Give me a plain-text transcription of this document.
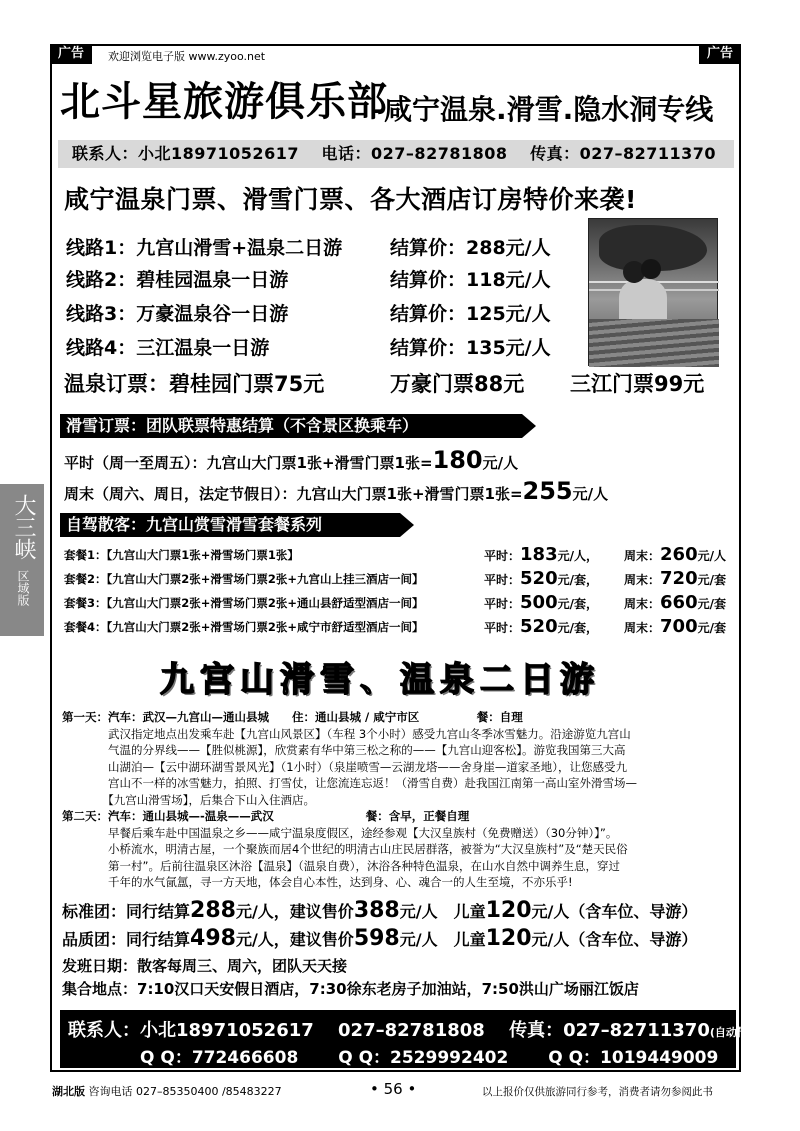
广告	广告
欢迎浏览电子版 www.zyoo.net
北斗星旅游俱乐部
–咸宁温泉.滑雪.隐水洞专线
联系人：小北18971052617　 电话：027–82781808　 传真：027–82711370
咸宁温泉门票、滑雪门票、各大酒店订房特价来袭!
线路1：九宫山滑雪+温泉二日游	结算价：288元/人
线路2：碧桂园温泉一日游	结算价：118元/人
线路3：万豪温泉谷一日游	结算价：125元/人
线路4：三江温泉一日游	结算价：135元/人
温泉订票：碧桂园门票75元	万豪门票88元 三江门票99元
滑雪订票：团队联票特惠结算（不含景区换乘车）
平时（周一至周五）：九宫山大门票1张+滑雪门票1张=180元/人
周末（周六、周日，法定节假日）：九宫山大门票1张+滑雪门票1张=255元/人
自驾散客：九宫山赏雪滑雪套餐系列
套餐1：【九宫山大门票1张+滑雪场门票1张】	平时：183元/人， 周末：260元/人
套餐2：【九宫山大门票2张+滑雪场门票2张+九宫山上挂三酒店一间】	平时：520元/套， 周末：720元/套
套餐3：【九宫山大门票2张+滑雪场门票2张+通山县舒适型酒店一间】	平时：500元/套， 周末：660元/套
套餐4：【九宫山大门票2张+滑雪场门票2张+咸宁市舒适型酒店一间】	平时：520元/套， 周末：700元/套
大三峡
区域版
九宫山滑雪、温泉二日游
第一天：汽车：武汉—九宫山—通山县城　　住：通山县城 / 咸宁市区　　　　　餐：自理
　　　　武汉指定地点出发乘车赴【九宫山风景区】（车程 3个小时）感受九宫山冬季冰雪魅力。沿途游览九宫山
　　　　气温的分界线——【胜似桃源】，欣赏素有华中第三松之称的——【九宫山迎客松】。游览我国第三大高
　　　　山湖泊—【云中湖环湖雪景风光】（1小时）（泉崖喷雪—云湖龙塔——舍身崖—道家圣地），让您感受九
　　　　宫山不一样的冰雪魅力，拍照、打雪仗，让您流连忘返！（滑雪自费）赴我国江南第一高山室外滑雪场—
　　　　【九宫山滑雪场】，后集合下山入住酒店。
第二天：汽车：通山县城—-温泉——武汉　　　　　　　　餐：含早，正餐自理
　　　　早餐后乘车赴中国温泉之乡——咸宁温泉度假区，途经参观【大汉皇族村（免费赠送）（30分钟）】”。
　　　　小桥流水，明清古屋，一个聚族而居4个世纪的明清古山庄民居群落，被誉为“大汉皇族村”及“楚天民俗
　　　　第一村”。后前往温泉区沐浴【温泉】（温泉自费），沐浴各种特色温泉，在山水自然中调养生息，穿过
　　　　千年的水气氤氲，寻一方天地，体会自心本性，达到身、心、魂合一的人生至境，不亦乐乎!
标准团：同行结算288元/人，建议售价388元/人　儿童120元/人（含车位、导游）
品质团：同行结算498元/人，建议售价598元/人　儿童120元/人（含车位、导游）
发班日期：散客每周三、周六，团队天天接
集合地点：7:10汉口天安假日酒店，7:30徐东老房子加油站，7:50洪山广场丽江饭店
联系人：小北18971052617　 027–82781808　 传真：027–82711370(自动传真)
Q Q：772466608　　 Q Q：2529992402　　 Q Q：1019449009
湖北版 咨询电话 027–85350400 /85483227	• 56 •	以上报价仅供旅游同行参考，消费者请勿参阅此书
